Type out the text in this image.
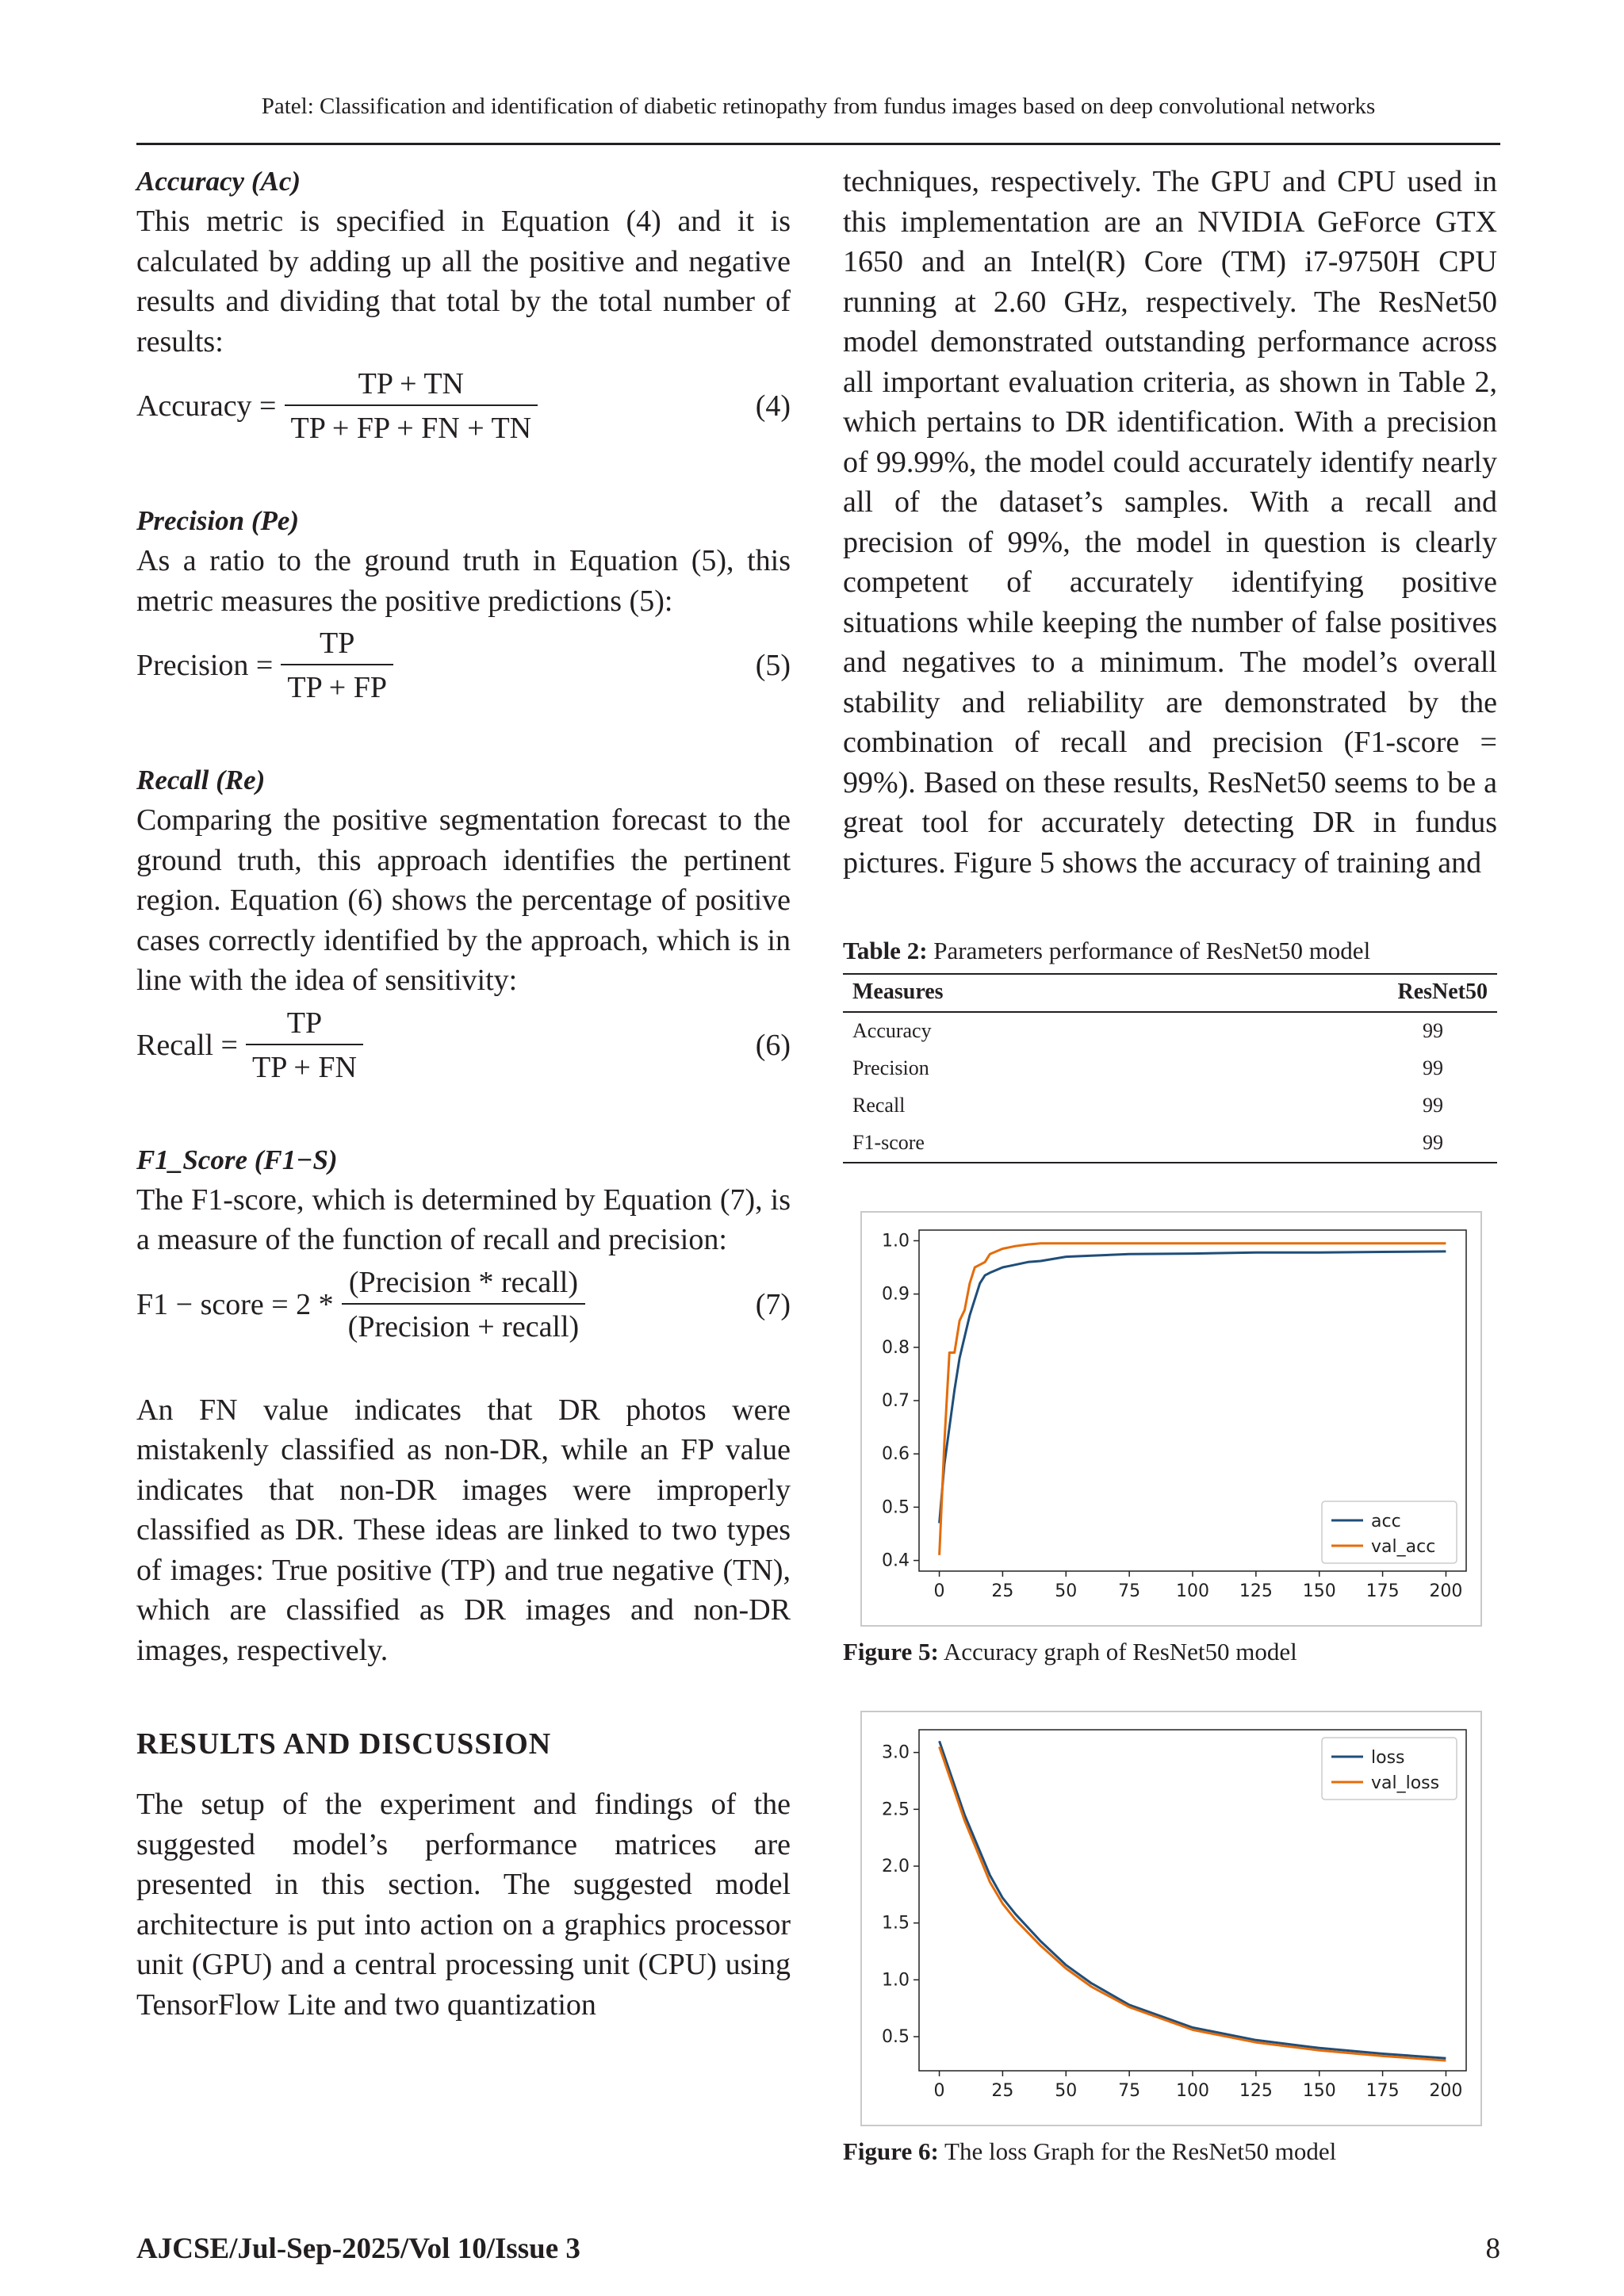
Patel: Classification and identification of diabetic retinopathy from fundus images based on deep convolutional networks

Accuracy (Ac)

This metric is specified in Equation (4) and it is calculated by adding up all the positive and negative results and dividing that total by the total number of results:

Accuracy = $\frac{TP + TN}{TP + FP + FN + TN}$	(4)

Precision (Pe)

As a ratio to the ground truth in Equation (5), this metric measures the positive predictions (5):

Precision = $\frac{TP}{TP + FP}$	(5)

Recall (Re)

Comparing the positive segmentation forecast to the ground truth, this approach identifies the pertinent region. Equation (6) shows the percentage of positive cases correctly identified by the approach, which is in line with the idea of sensitivity:

Recall = $\frac{TP}{TP + FN}$	(6)

F1_Score (F1−S)

The F1-score, which is determined by Equation (7), is a measure of the function of recall and precision:

F1 − score = $2 * \frac{\text{(Precision * recall)}}{\text{(Precision + recall)}}$	(7)

An FN value indicates that DR photos were mistakenly classified as non-DR, while an FP value indicates that non-DR images were improperly classified as DR. These ideas are linked to two types of images: True positive (TP) and true negative (TN), which are classified as DR images and non-DR images, respectively.

RESULTS AND DISCUSSION

The setup of the experiment and findings of the suggested model’s performance matrices are presented in this section. The suggested model architecture is put into action on a graphics processor unit (GPU) and a central processing unit (CPU) using TensorFlow Lite and two quantization

techniques, respectively. The GPU and CPU used in this implementation are an NVIDIA GeForce GTX 1650 and an Intel(R) Core (TM) i7-9750H CPU running at 2.60 GHz, respectively. The ResNet50 model demonstrated outstanding performance across all important evaluation criteria, as shown in Table 2, which pertains to DR identification. With a precision of 99.99%, the model could accurately identify nearly all of the dataset’s samples. With a recall and precision of 99%, the model in question is clearly competent of accurately identifying positive situations while keeping the number of false positives and negatives to a minimum. The model’s overall stability and reliability are demonstrated by the combination of recall and precision (F1-score = 99%). Based on these results, ResNet50 seems to be a great tool for accurately detecting DR in fundus pictures. Figure 5 shows the accuracy of training and

Table 2: Parameters performance of ResNet50 model
Measures	ResNet50
Accuracy	99
Precision	99
Recall	99
F1-score	99
0	25 50 75 100 125 150 175 200
0.4
0.5
0.6
0.7
0.8
0.9
1.0
acc
val_acc
Figure 5: Accuracy graph of ResNet50 model
0	25 50 75 100 125 150 175 200
0.5
1.0
1.5
2.0
2.5
3.0	loss
val_loss
Figure 6: The loss Graph for the ResNet50 model
AJCSE/Jul-Sep-2025/Vol 10/Issue 3	8
